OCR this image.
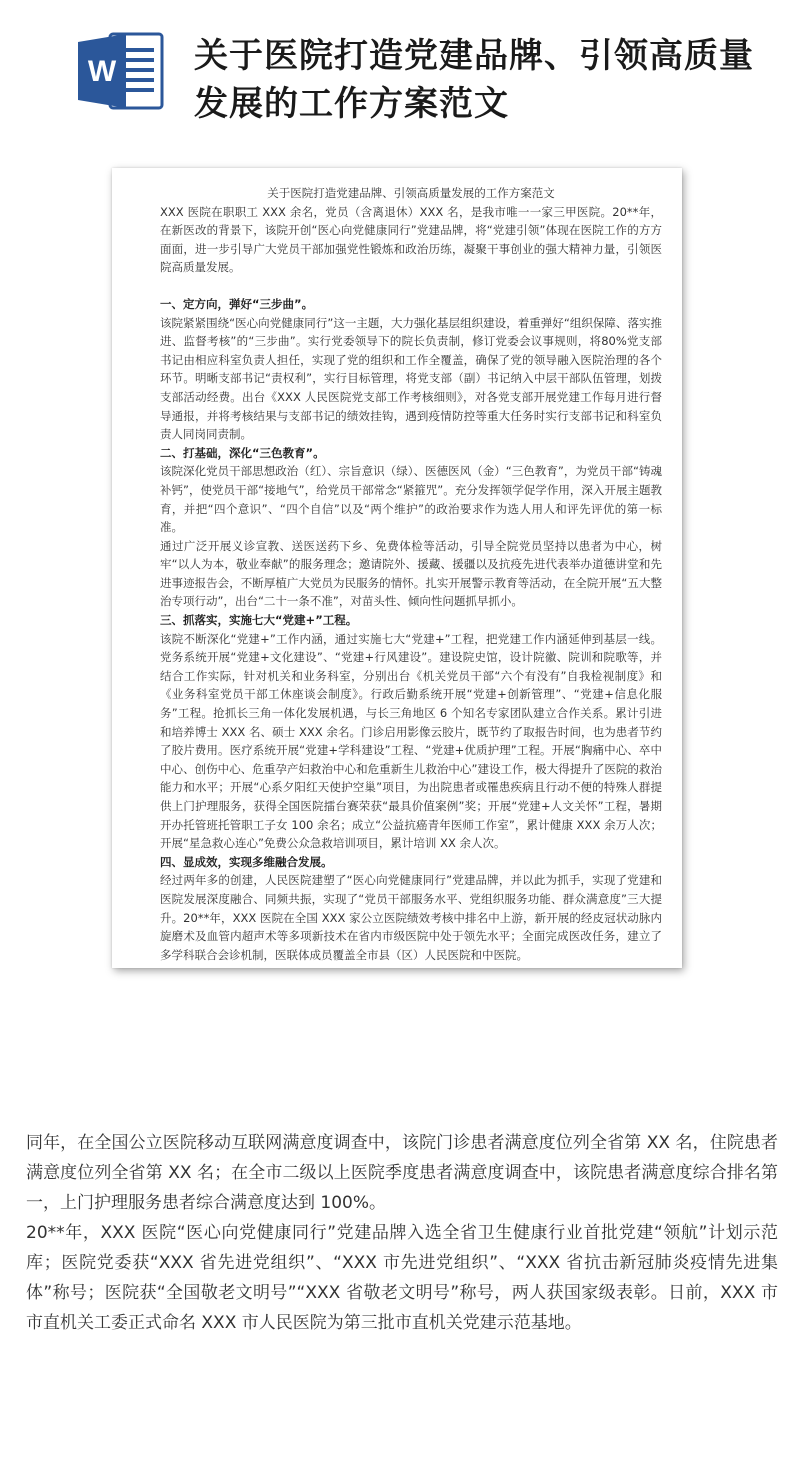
W 关于医院打造党建品牌、引领高质量发展的工作方案范文

关于医院打造党建品牌、引领高质量发展的工作方案范文

XXX 医院在职职工 XXX 余名，党员（含离退休）XXX 名，是我市唯一一家三甲医院。20**年，在新医改的背景下，该院开创“医心向党健康同行”党建品牌，将“党建引领”体现在医院工作的方方面面，进一步引导广大党员干部加强党性锻炼和政治历练，凝聚干事创业的强大精神力量，引领医院高质量发展。

一、定方向，弹好“三步曲”。

该院紧紧围绕“医心向党健康同行”这一主题，大力强化基层组织建设，着重弹好“组织保障、落实推进、监督考核”的“三步曲”。实行党委领导下的院长负责制，修订党委会议事规则，将80%党支部书记由相应科室负责人担任，实现了党的组织和工作全覆盖，确保了党的领导融入医院治理的各个环节。明晰支部书记“责权利”，实行目标管理，将党支部（副）书记纳入中层干部队伍管理，划拨支部活动经费。出台《XXX 人民医院党支部工作考核细则》，对各党支部开展党建工作每月进行督导通报，并将考核结果与支部书记的绩效挂钩，遇到疫情防控等重大任务时实行支部书记和科室负责人同岗同责制。

二、打基础，深化“三色教育”。

该院深化党员干部思想政治（红）、宗旨意识（绿）、医德医风（金）“三色教育”，为党员干部“铸魂补钙”，使党员干部“接地气”，给党员干部常念“紧箍咒”。充分发挥领学促学作用，深入开展主题教育，并把“四个意识”、“四个自信”以及“两个维护”的政治要求作为选人用人和评先评优的第一标准。

通过广泛开展义诊宣教、送医送药下乡、免费体检等活动，引导全院党员坚持以患者为中心，树牢“以人为本，敬业奉献”的服务理念；邀请院外、援藏、援疆以及抗疫先进代表举办道德讲堂和先进事迹报告会，不断厚植广大党员为民服务的情怀。扎实开展警示教育等活动，在全院开展“五大整治专项行动”，出台“二十一条不准”，对苗头性、倾向性问题抓早抓小。

三、抓落实，实施七大“党建+”工程。

该院不断深化“党建+”工作内涵，通过实施七大“党建+”工程，把党建工作内涵延伸到基层一线。党务系统开展“党建+文化建设”、“党建+行风建设”。建设院史馆，设计院徽、院训和院歌等，并结合工作实际，针对机关和业务科室，分别出台《机关党员干部“六个有没有”自我检视制度》和《业务科室党员干部工休座谈会制度》。行政后勤系统开展“党建+创新管理”、“党建+信息化服务”工程。抢抓长三角一体化发展机遇，与长三角地区 6 个知名专家团队建立合作关系。累计引进和培养博士 XXX 名、硕士 XXX 余名。门诊启用影像云胶片，既节约了取报告时间，也为患者节约了胶片费用。医疗系统开展“党建+学科建设”工程、“党建+优质护理”工程。开展“胸痛中心、卒中中心、创伤中心、危重孕产妇救治中心和危重新生儿救治中心”建设工作，极大得提升了医院的救治能力和水平；开展“心系夕阳红天使护空巢”项目，为出院患者或罹患疾病且行动不便的特殊人群提供上门护理服务，获得全国医院擂台赛荣获“最具价值案例”奖；开展“党建+人文关怀”工程，暑期开办托管班托管职工子女 100 余名；成立“公益抗癌青年医师工作室”，累计健康 XXX 余万人次；开展“星急救心连心”免费公众急救培训项目，累计培训 XX 余人次。

四、显成效，实现多维融合发展。

经过两年多的创建，人民医院建塑了“医心向党健康同行”党建品牌，并以此为抓手，实现了党建和医院发展深度融合、同频共振，实现了“党员干部服务水平、党组织服务功能、群众满意度”三大提升。20**年，XXX 医院在全国 XXX 家公立医院绩效考核中排名中上游，新开展的经皮冠状动脉内旋磨术及血管内超声术等多项新技术在省内市级医院中处于领先水平；全面完成医改任务，建立了多学科联合会诊机制，医联体成员覆盖全市县（区）人民医院和中医院。

同年，在全国公立医院移动互联网满意度调查中，该院门诊患者满意度位列全省第 XX 名，住院患者满意度位列全省第 XX 名；在全市二级以上医院季度患者满意度调查中，该院患者满意度综合排名第一，上门护理服务患者综合满意度达到 100%。

20**年，XXX 医院“医心向党健康同行”党建品牌入选全省卫生健康行业首批党建“领航”计划示范库；医院党委获“XXX 省先进党组织”、“XXX 市先进党组织”、“XXX 省抗击新冠肺炎疫情先进集体”称号；医院获“全国敬老文明号”“XXX 省敬老文明号”称号，两人获国家级表彰。日前，XXX 市市直机关工委正式命名 XXX 市人民医院为第三批市直机关党建示范基地。
